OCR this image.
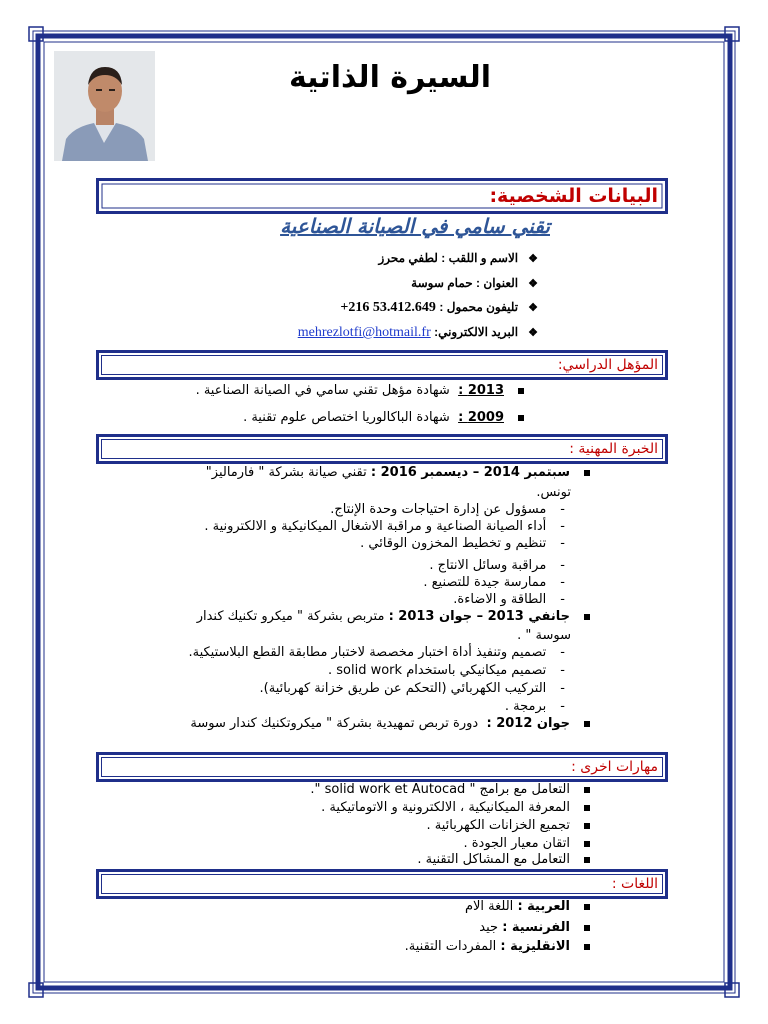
السيرة الذاتية
البيانات الشخصية:
تقني سامي في الصيانة الصناعية
❖الاسم و اللقب : لطفي محرز
❖العنوان : حمام سوسة
❖تليفون محمول : +216 53.412.649
❖البريد الالكتروني: mehrezlotfi@hotmail.fr
المؤهل الدراسي:
2013 :  شهادة مؤهل تقني سامي في الصيانة الصناعية .
2009 :  شهادة الباكالوريا اختصاص علوم تقنية .
الخبرة المهنية :
سبتمبر 2014 – ديسمبر 2016 : تقني صيانة بشركة " فارماليز"
تونس.
-مسؤول عن إدارة احتياجات وحدة الإنتاج.
-أداء الصيانة الصناعية و مراقبة الاشغال الميكانيكية و الالكترونية .
-تنظيم و تخطيط المخزون الوقائي .
-مراقبة وسائل الانتاج .
-ممارسة جيدة للتصنيع .
-الطاقة و الاضاءة.
جانفي 2013 – جوان 2013 : متربص بشركة " ميكرو تكنيك كندار
سوسة " .
-تصميم وتنفيذ أداة اختبار مخصصة لاختبار مطابقة القطع البلاستيكية.
-تصميم ميكانيكي باستخدام solid work .
-التركيب الكهربائي (التحكم عن طريق خزانة كهربائية).
-برمجة .
جوان 2012 :  دورة تربص تمهيدية بشركة " ميكروتكنيك كندار سوسة
مهارات اخرى :
التعامل مع برامج " solid work et Autocad ".
المعرفة الميكانيكية ، الالكترونية و الاتوماتيكية .
تجميع الخزانات الكهربائية .
اتقان معيار الجودة .
التعامل مع المشاكل التقنية .
اللغات :
العربية : اللغة الام
الفرنسية : جيد
الانقليزية : المفردات التقنية.
